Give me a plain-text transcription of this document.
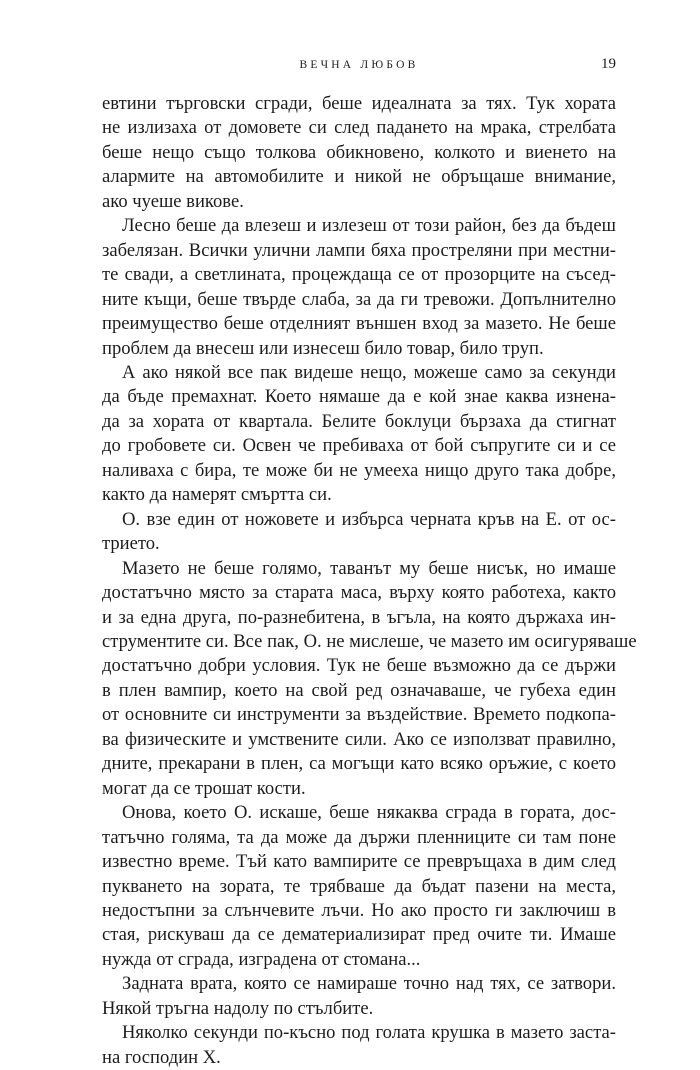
ВЕЧНА ЛЮБОВ	19
евтини търговски сгради, беше идеалната за тях. Тук хората
не излизаха от домовете си след падането на мрака, стрелбата
беше нещо също толкова обикновено, колкото и виенето на
алармите на автомобилите и никой не обръщаше внимание,
ако чуеше викове.
Лесно беше да влезеш и излезеш от този район, без да бъдеш
забелязан. Всички улични лампи бяха простреляни при местни-
те свади, а светлината, процеждаща се от прозорците на съсед-
ните къщи, беше твърде слаба, за да ги тревожи. Допълнително
преимущество беше отделният външен вход за мазето. Не беше
проблем да внесеш или изнесеш било товар, било труп.
А ако някой все пак видеше нещо, можеше само за секунди
да бъде премахнат. Което нямаше да е кой знае каква изнена-
да за хората от квартала. Белите боклуци бързаха да стигнат
до гробовете си. Освен че пребиваха от бой съпругите си и се
наливаха с бира, те може би не умееха нищо друго така добре,
както да намерят смъртта си.
О. взе един от ножовете и избърса черната кръв на Е. от ос-
трието.
Мазето не беше голямо, таванът му беше нисък, но имаше
достатъчно място за старата маса, върху която работеха, както
и за една друга, по-разнебитена, в ъгъла, на която държаха ин-
струментите си. Все пак, О. не мислеше, че мазето им осигуряваше
достатъчно добри условия. Тук не беше възможно да се държи
в плен вампир, което на свой ред означаваше, че губеха един
от основните си инструменти за въздействие. Времето подкопа-
ва физическите и умствените сили. Ако се използват правилно,
дните, прекарани в плен, са могъщи като всяко оръжие, с което
могат да се трошат кости.
Онова, което О. искаше, беше някаква сграда в гората, дос-
татъчно голяма, та да може да държи пленниците си там поне
известно време. Тъй като вампирите се превръщаха в дим след
пукването на зората, те трябваше да бъдат пазени на места,
недостъпни за слънчевите лъчи. Но ако просто ги заключиш в
стая, рискуваш да се дематериализират пред очите ти. Имаше
нужда от сграда, изградена от стомана...
Задната врата, която се намираше точно над тях, се затвори.
Някой тръгна надолу по стълбите.
Няколко секунди по-късно под голата крушка в мазето заста-
на господин X.
